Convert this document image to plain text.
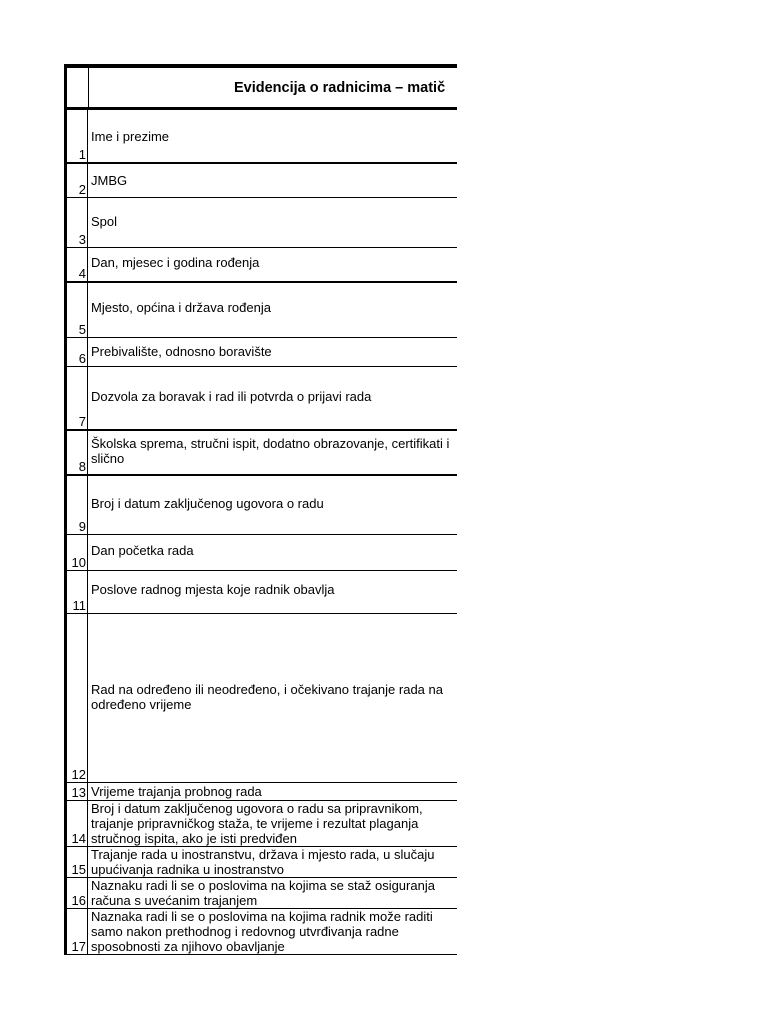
Evidencija o radnicima – matič
1
Ime i prezime
2
JMBG
3
Spol
4
Dan, mjesec i godina rođenja
5
Mjesto, općina i država rođenja
6 Prebivalište, odnosno boravište
7
Dozvola za boravak i rad ili potvrda o prijavi rada
8
Školska sprema, stručni ispit, dodatno obrazovanje, certifikati i slično
9
Broj i datum zaključenog ugovora o radu
10
Dan početka rada
11
Poslove radnog mjesta koje radnik obavlja
12
Rad na određeno ili neodređeno, i očekivano trajanje rada na određeno vrijeme
13 Vrijeme trajanja probnog rada
14
Broj i datum zaključenog ugovora o radu sa pripravnikom, trajanje pripravničkog staža, te vrijeme i rezultat plaganja stručnog ispita, ako je isti predviđen
15
Trajanje rada u inostranstvu, država i mjesto rada, u slučaju upućivanja radnika u inostranstvo
16
Naznaku radi li se o poslovima na kojima se staž osiguranja računa s uvećanim trajanjem
17
Naznaka radi li se o poslovima na kojima radnik može raditi samo nakon prethodnog i redovnog utvrđivanja radne sposobnosti za njihovo obavljanje
